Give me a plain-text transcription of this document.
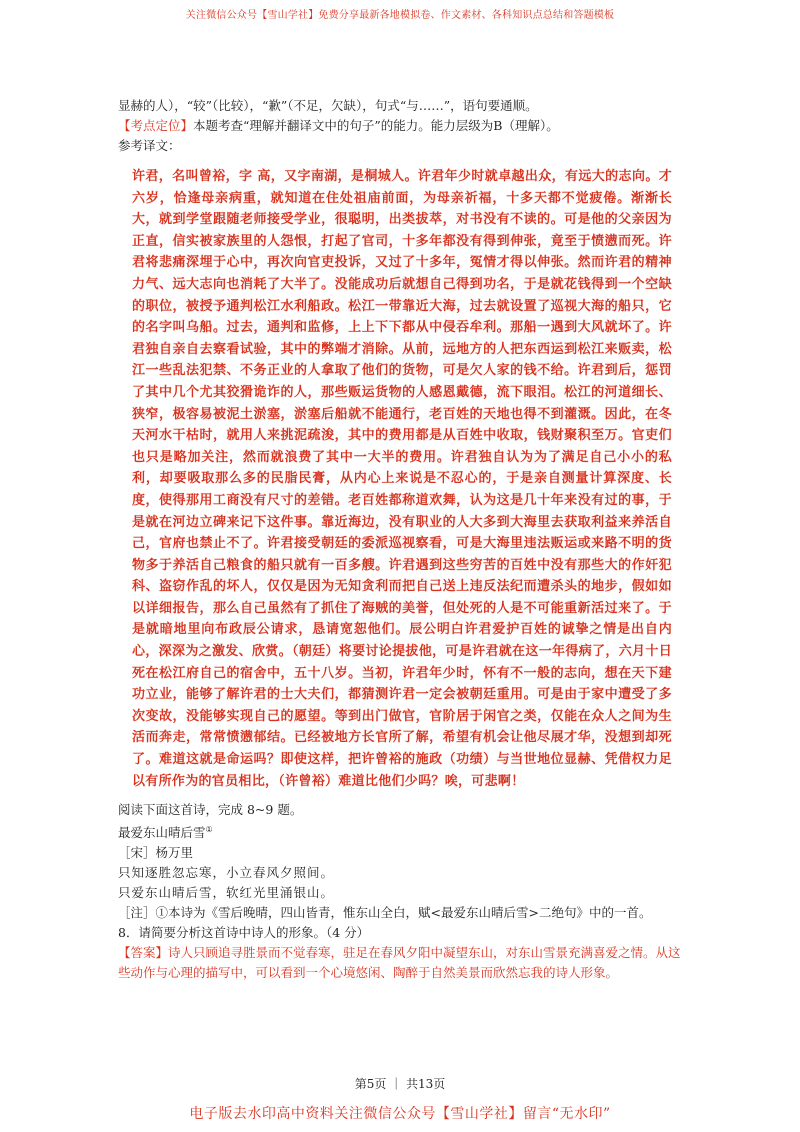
关注微信公众号【雪山学社】免费分享最新各地模拟卷、作文素材、各科知识点总结和答题模板
显赫的人），“较”（比较），“歉”（不足，欠缺），句式“与……”，语句要通顺。
【考点定位】本题考查“理解并翻译文中的句子”的能力。能力层级为B（理解）。
参考译文：
许君，名叫曾裕，字 高，又字南湖，是桐城人。许君年少时就卓越出众，有远大的志向。才六岁，恰逢母亲病重，就知道在住处祖庙前面，为母亲祈福，十多天都不觉疲倦。渐渐长大，就到学堂跟随老师接受学业，很聪明，出类拔萃，对书没有不读的。可是他的父亲因为正直，信实被家族里的人怨恨，打起了官司，十多年都没有得到伸张，竟至于愤懑而死。许君将悲痛深埋于心中，再次向官吏投诉，又过了十多年，冤情才得以伸张。然而许君的精神力气、远大志向也消耗了大半了。没能成功后就想自己得到功名，于是就花钱得到一个空缺的职位，被授予通判松江水利船政。松江一带靠近大海，过去就设置了巡视大海的船只，它的名字叫乌船。过去，通判和监修，上上下下都从中侵吞牟利。那船一遇到大风就坏了。许君独自亲自去察看试验，其中的弊端才消除。从前，远地方的人把东西运到松江来贩卖，松江一些乱法犯禁、不务正业的人拿取了他们的货物，可是欠人家的钱不给。许君到后，惩罚了其中几个尤其狡猾诡诈的人，那些贩运货物的人感恩戴德，流下眼泪。松江的河道细长、狭窄，极容易被泥土淤塞，淤塞后船就不能通行，老百姓的天地也得不到灌溉。因此，在冬天河水干枯时，就用人来挑泥疏浚，其中的费用都是从百姓中收取，钱财聚积至万。官吏们也只是略加关注，然而就浪费了其中一大半的费用。许君独自认为为了满足自己小小的私利，却要吸取那么多的民脂民膏，从内心上来说是不忍心的，于是亲自测量计算深度、长度，使得那用工商没有尺寸的差错。老百姓都称道欢舞，认为这是几十年来没有过的事，于是就在河边立碑来记下这件事。靠近海边，没有职业的人大多到大海里去获取利益来养活自己，官府也禁止不了。许君接受朝廷的委派巡视察看，可是大海里违法贩运或来路不明的货物多于养活自己粮食的船只就有一百多艘。许君遇到这些穷苦的百姓中没有那些大的作奸犯科、盗窃作乱的坏人，仅仅是因为无知贪利而把自己送上违反法纪而遭杀头的地步，假如如以详细报告，那么自己虽然有了抓住了海贼的美誉，但处死的人是不可能重新活过来了。于是就暗地里向布政辰公请求，恳请宽恕他们。辰公明白许君爱护百姓的诚挚之情是出自内心，深深为之激发、欣赏。（朝廷）将要讨论提拔他，可是许君就在这一年得病了，六月十日死在松江府自己的宿舍中，五十八岁。当初，许君年少时，怀有不一般的志向，想在天下建功立业，能够了解许君的士大夫们，都猜测许君一定会被朝廷重用。可是由于家中遭受了多次变故，没能够实现自己的愿望。等到出门做官，官阶居于闲官之类，仅能在众人之间为生活而奔走，常常愤懑郁结。已经被地方长官所了解，希望有机会让他尽展才华，没想到却死了。难道这就是命运吗？即使这样，把许曾裕的施政（功绩）与当世地位显赫、凭借权力足以有所作为的官员相比，（许曾裕）难道比他们少吗？唉，可悲啊！
阅读下面这首诗，完成 8~9 题。
最爱东山晴后雪①
［宋］杨万里
只知逐胜忽忘寒，小立春风夕照间。
只爱东山晴后雪，软红光里涌银山。
［注］①本诗为《雪后晚晴，四山皆青，惟东山全白，赋<最爱东山晴后雪>二绝句》中的一首。
8．请简要分析这首诗中诗人的形象。（4 分）
【答案】诗人只顾追寻胜景而不觉春寒，驻足在春风夕阳中凝望东山，对东山雪景充满喜爱之情。从这些动作与心理的描写中，可以看到一个心境悠闲、陶醉于自然美景而欣然忘我的诗人形象。
第5页 ｜ 共13页
电子版去水印高中资料关注微信公众号【雪山学社】留言“无水印”
